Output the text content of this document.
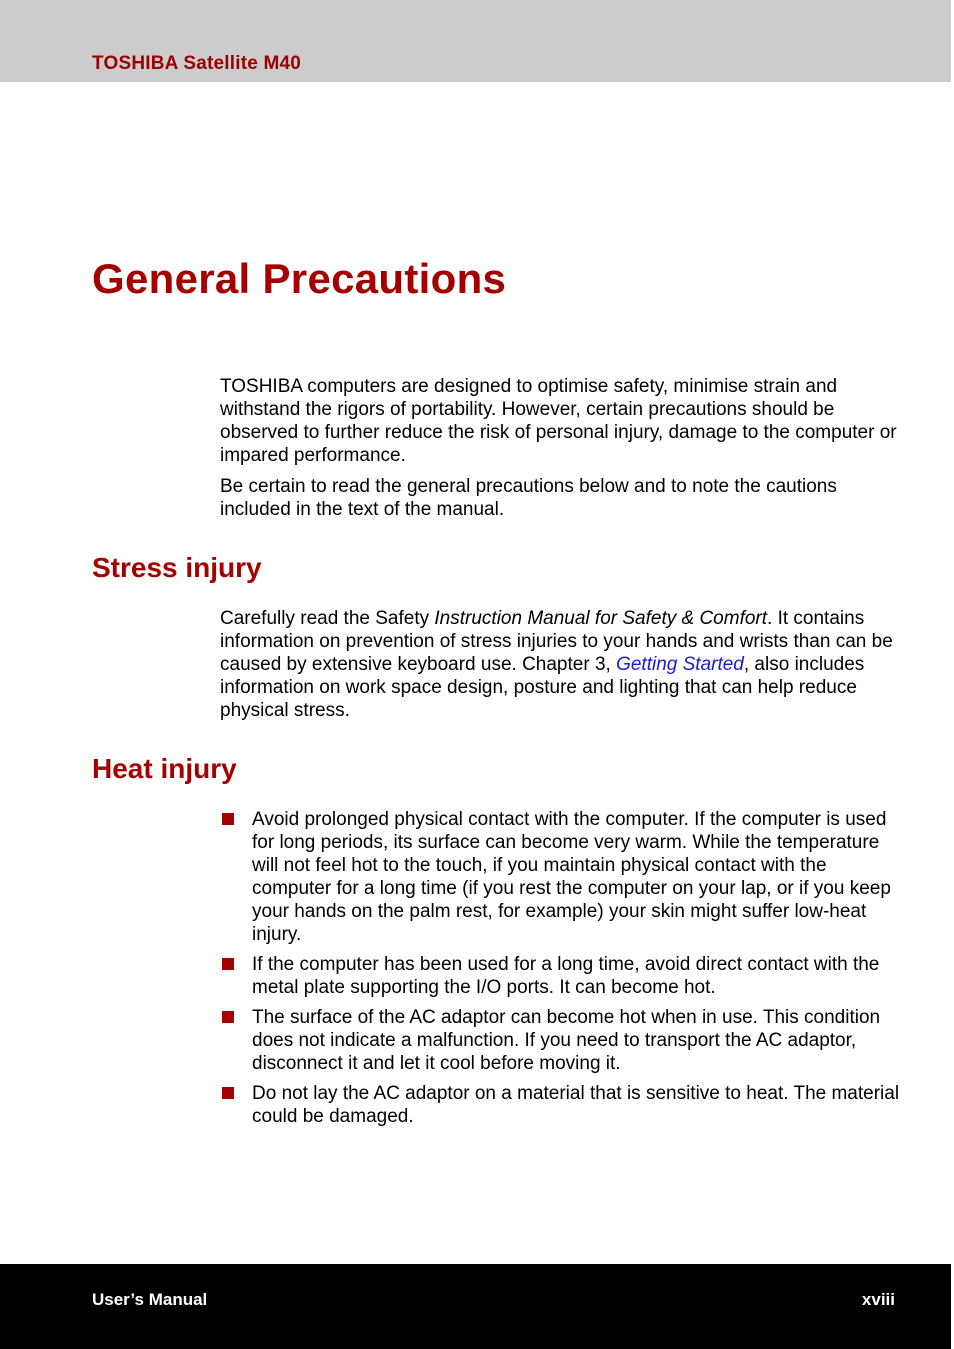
TOSHIBA Satellite M40
General Precautions

TOSHIBA computers are designed to optimise safety, minimise strain and withstand the rigors of portability. However, certain precautions should be observed to further reduce the risk of personal injury, damage to the computer or impared performance.

Be certain to read the general precautions below and to note the cautions included in the text of the manual.

Stress injury

Carefully read the Safety Instruction Manual for Safety & Comfort. It contains information on prevention of stress injuries to your hands and wrists than can be caused by extensive keyboard use. Chapter 3, Getting Started, also includes information on work space design, posture and lighting that can help reduce physical stress.

Heat injury
Avoid prolonged physical contact with the computer. If the computer is used for long periods, its surface can become very warm. While the temperature will not feel hot to the touch, if you maintain physical contact with the computer for a long time (if you rest the computer on your lap, or if you keep your hands on the palm rest, for example) your skin might suffer low-heat injury.
If the computer has been used for a long time, avoid direct contact with the metal plate supporting the I/O ports. It can become hot.
The surface of the AC adaptor can become hot when in use. This condition does not indicate a malfunction. If you need to transport the AC adaptor, disconnect it and let it cool before moving it.
Do not lay the AC adaptor on a material that is sensitive to heat. The material could be damaged.
User’s Manual	xviii
